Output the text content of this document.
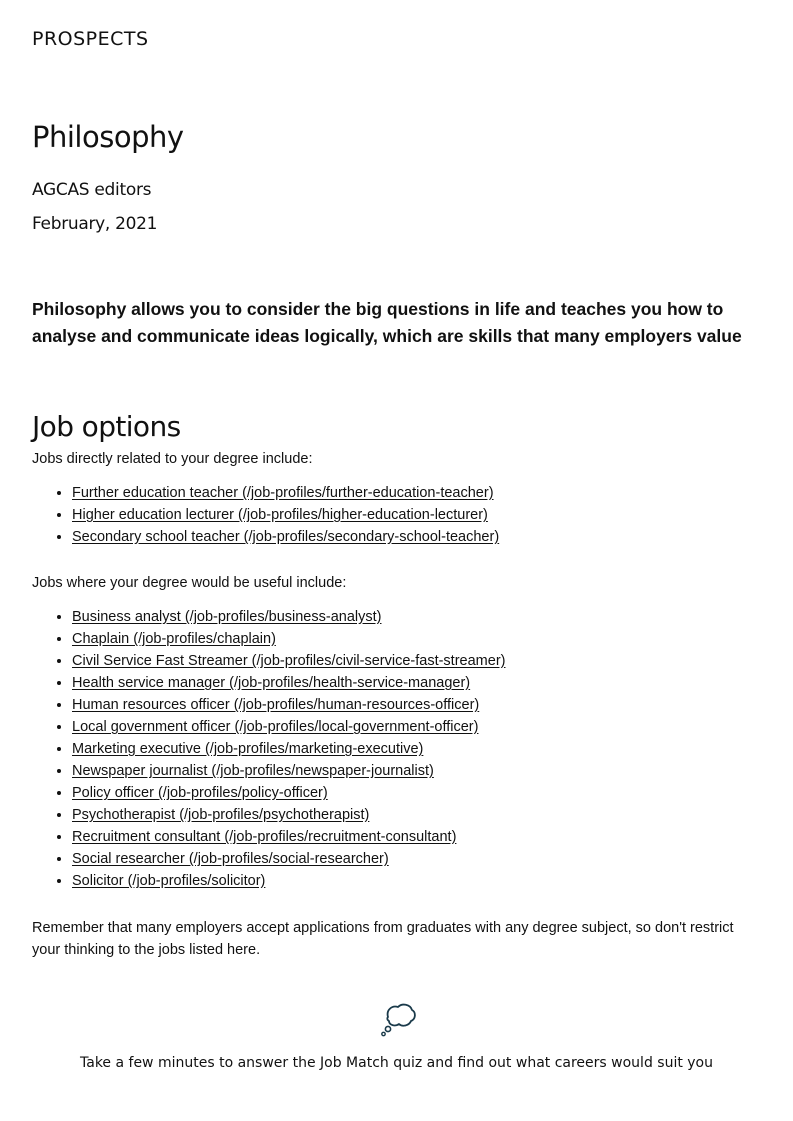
PROSPECTS
Philosophy
AGCAS editors
February, 2021

Philosophy allows you to consider the big questions in life and teaches you how to analyse and communicate ideas logically, which are skills that many employers value

Job options

Jobs directly related to your degree include:

• Further education teacher (/job-profiles/further-education-teacher)
• Higher education lecturer (/job-profiles/higher-education-lecturer)
• Secondary school teacher (/job-profiles/secondary-school-teacher)

Jobs where your degree would be useful include:

• Business analyst (/job-profiles/business-analyst)
• Chaplain (/job-profiles/chaplain)
• Civil Service Fast Streamer (/job-profiles/civil-service-fast-streamer)
• Health service manager (/job-profiles/health-service-manager)
• Human resources officer (/job-profiles/human-resources-officer)
• Local government officer (/job-profiles/local-government-officer)
• Marketing executive (/job-profiles/marketing-executive)
• Newspaper journalist (/job-profiles/newspaper-journalist)
• Policy officer (/job-profiles/policy-officer)
• Psychotherapist (/job-profiles/psychotherapist)
• Recruitment consultant (/job-profiles/recruitment-consultant)
• Social researcher (/job-profiles/social-researcher)
• Solicitor (/job-profiles/solicitor)

Remember that many employers accept applications from graduates with any degree subject, so don't restrict your thinking to the jobs listed here.

Take a few minutes to answer the Job Match quiz and find out what careers would suit you
